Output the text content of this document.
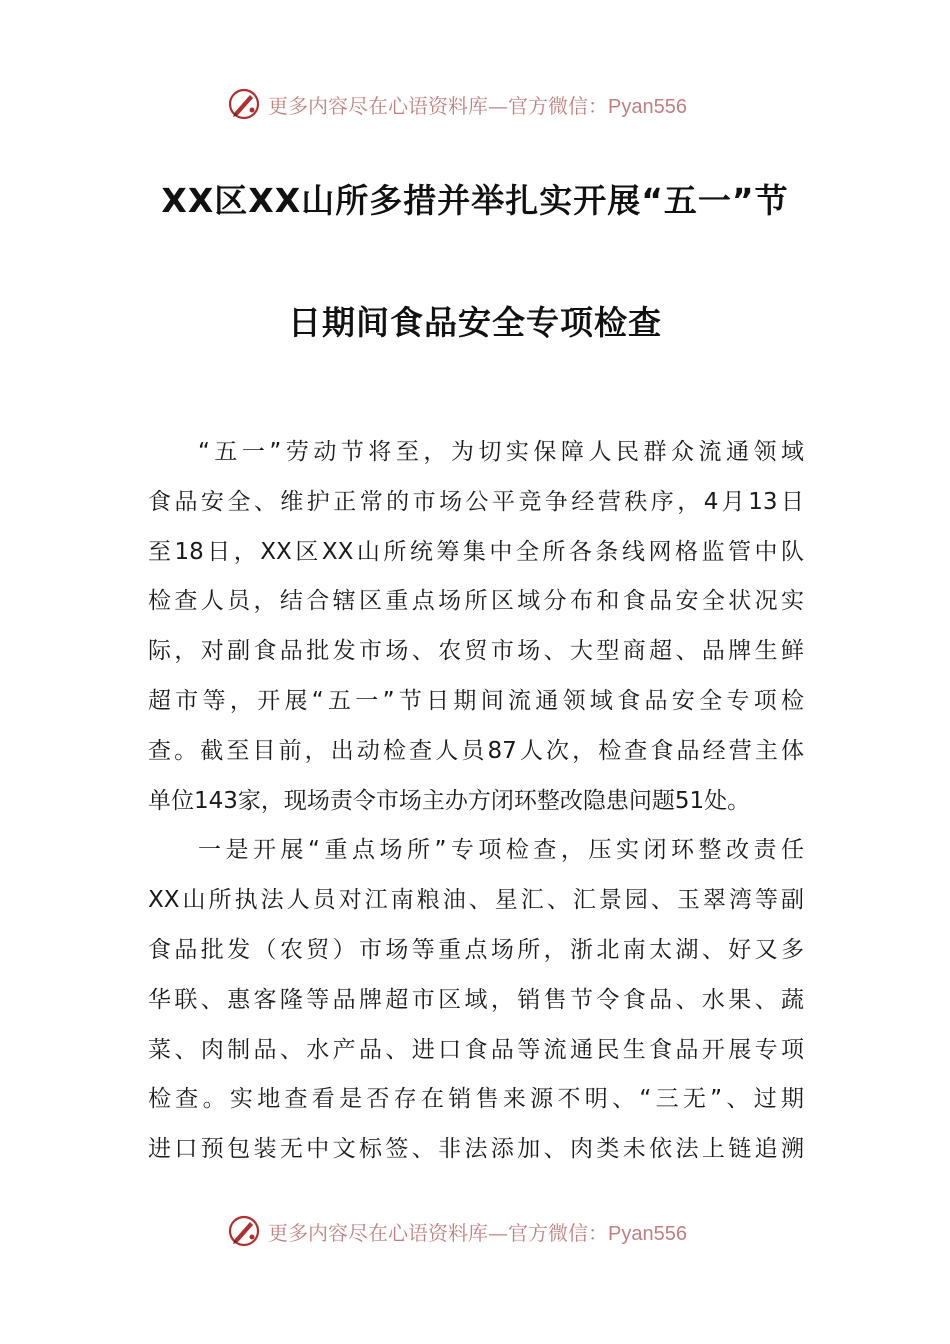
更多内容尽在心语资料库—官方微信：Pyan556
XX区XX山所多措并举扎实开展“五一”节
日期间食品安全专项检查
“五一”劳动节将至，为切实保障人民群众流通领域
食品安全、维护正常的市场公平竞争经营秩序，4月13日
至18日，XX区XX山所统筹集中全所各条线网格监管中队
检查人员，结合辖区重点场所区域分布和食品安全状况实
际，对副食品批发市场、农贸市场、大型商超、品牌生鲜
超市等，开展“五一”节日期间流通领域食品安全专项检
查。截至目前，出动检查人员87人次，检查食品经营主体
单位143家，现场责令市场主办方闭环整改隐患问题51处。
一是开展“重点场所”专项检查，压实闭环整改责任
XX山所执法人员对江南粮油、星汇、汇景园、玉翠湾等副
食品批发（农贸）市场等重点场所，浙北南太湖、好又多
华联、惠客隆等品牌超市区域，销售节令食品、水果、蔬
菜、肉制品、水产品、进口食品等流通民生食品开展专项
检查。实地查看是否存在销售来源不明、“三无”、过期
进口预包装无中文标签、非法添加、肉类未依法上链追溯
更多内容尽在心语资料库—官方微信：Pyan556
